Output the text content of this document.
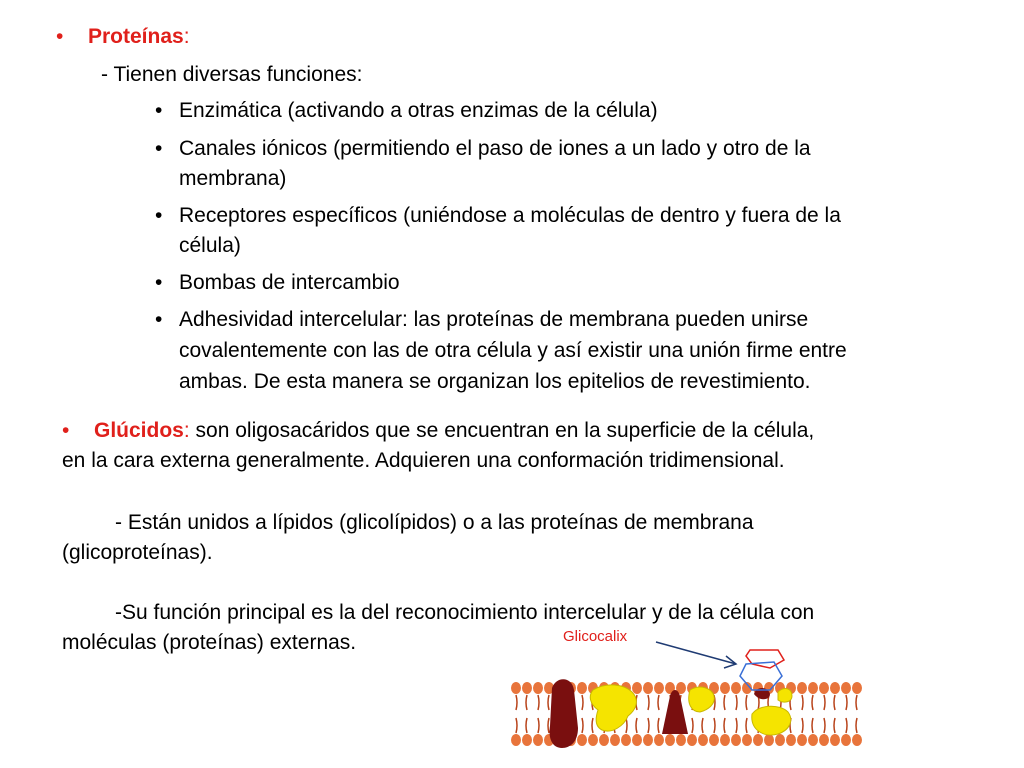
• Proteínas:
- Tienen diversas funciones:
• Enzimática (activando a otras enzimas de la célula)
• Canales iónicos (permitiendo el paso de iones a un lado y otro de la
membrana)
• Receptores específicos (uniéndose a moléculas de dentro y fuera de la
célula)
• Bombas de intercambio
• Adhesividad intercelular: las proteínas de membrana pueden unirse
covalentemente con las de otra célula y así existir una unión firme entre
ambas. De esta manera se organizan los epitelios de revestimiento.
• Glúcidos: son oligosacáridos que se encuentran en la superficie de la célula,
en la cara externa generalmente. Adquieren una conformación tridimensional.
- Están unidos a lípidos (glicolípidos) o a las proteínas de membrana
(glicoproteínas).
-Su función principal es la del reconocimiento intercelular y de la célula con
moléculas (proteínas) externas.	Glicocalix
